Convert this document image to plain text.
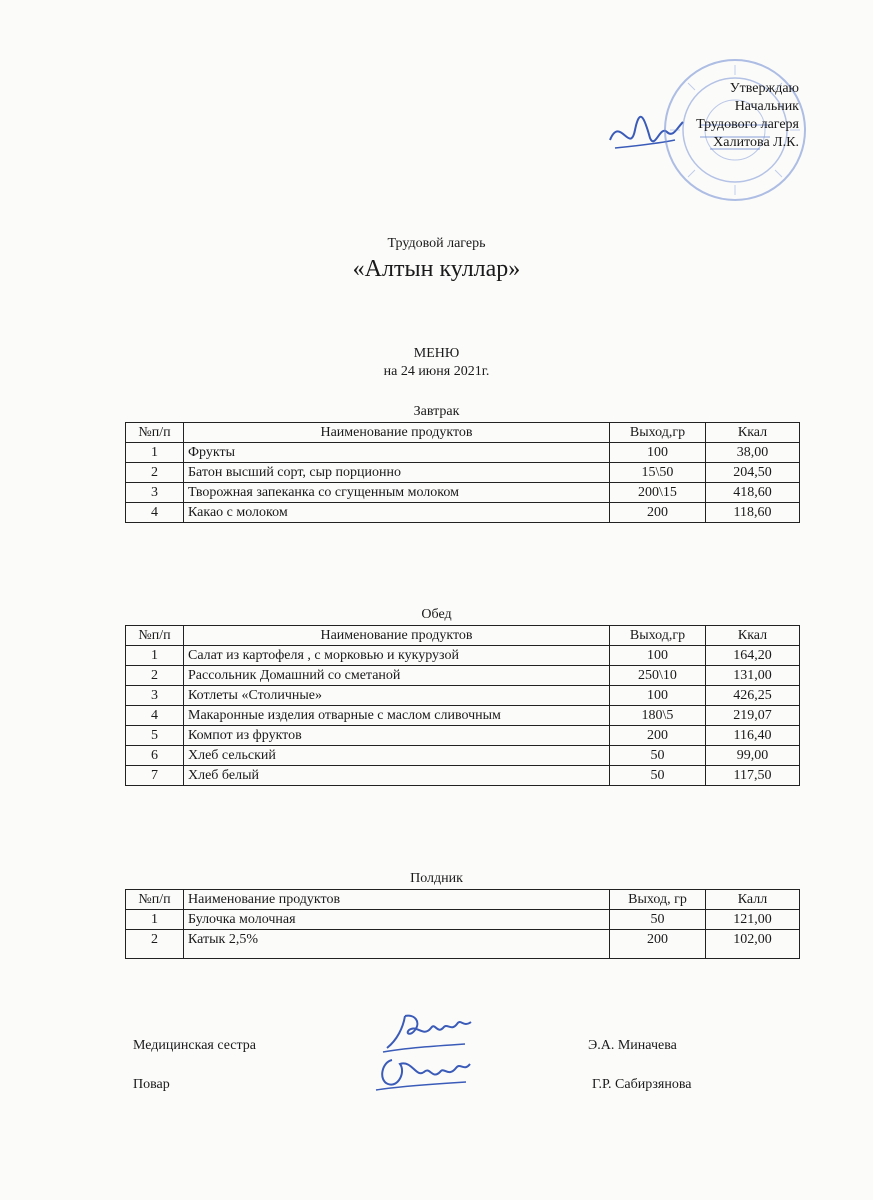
Утверждаю
Начальник
Трудового лагеря
Халитова Л.К.
Трудовой лагерь
«Алтын куллар»
МЕНЮ
на 24 июня 2021г.
Завтрак
№п/п	Наименование продуктов	Выход,гр	Ккал
1	Фрукты	100	38,00
2	Батон высший сорт, сыр порционно	15\50	204,50
3	Творожная запеканка со сгущенным молоком	200\15	418,60
4	Какао с молоком	200	118,60
Обед
№п/п	Наименование продуктов	Выход,гр	Ккал
1	Салат из картофеля , с морковью и кукурузой	100	164,20
2	Рассольник Домашний со сметаной	250\10	131,00
3	Котлеты «Столичные»	100	426,25
4	Макаронные изделия отварные с маслом сливочным	180\5	219,07
5	Компот из фруктов	200	116,40
6	Хлеб сельский	50	99,00
7	Хлеб белый	50	117,50
Полдник
№п/п	Наименование продуктов	Выход, гр	Калл
1	Булочка молочная	50	121,00
2	Катык 2,5%	200	102,00
Медицинская сестра	Э.А. Миначева
Повар	Г.Р. Сабирзянова
